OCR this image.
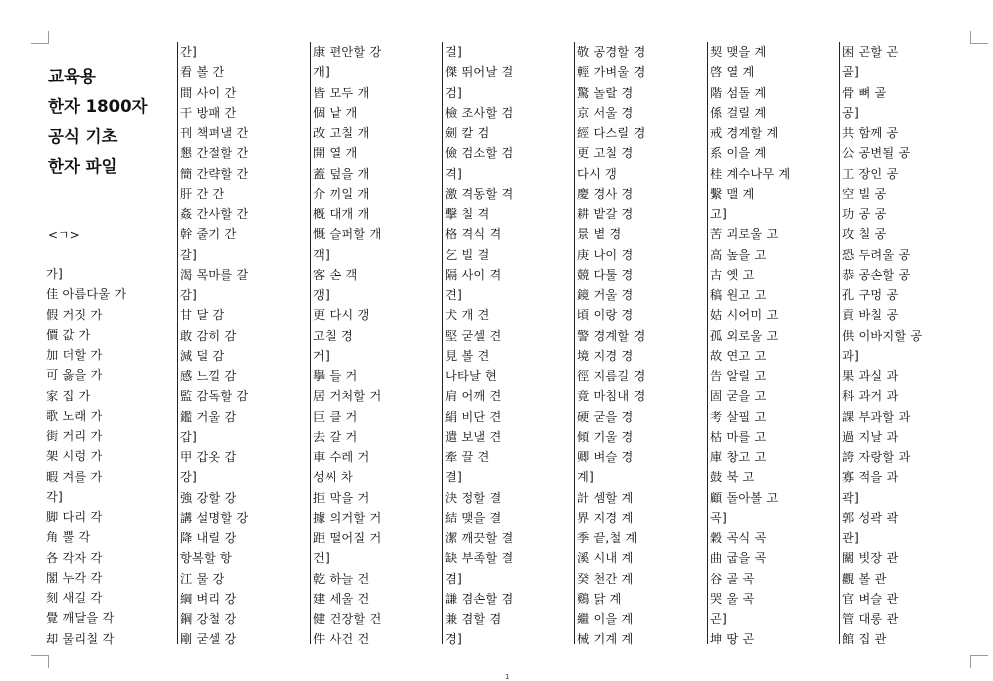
교육용
한자 1800자
공식 기초
한자 파일
<ㄱ>
가]
佳 아름다울 가
假 거짓 가
價 값 가
加 더할 가
可 옳을 가
家 집 가
歌 노래 가
街 거리 가
架 시렁 가
暇 겨를 가
각]
脚 다리 각
角 뿔 각
各 각자 각
閣 누각 각
刻 새길 각
覺 깨달을 각
却 물리칠 각
간]
看 볼 간
間 사이 간
干 방패 간
刊 책펴낼 간
懇 간절할 간
簡 간략할 간
肝 간 간
姦 간사할 간
幹 줄기 간
갈]
渴 목마를 갈
감]
甘 달 감
敢 감히 감
減 덜 감
感 느낄 감
監 감독할 감
鑑 거울 감
갑]
甲 갑옷 갑
강]
強 강할 강
講 설명할 강
降 내릴 강
항복할 항
江 물 강
綱 벼리 강
鋼 강철 강
剛 굳셀 강
康 편안할 강
개]
皆 모두 개
個 낱 개
改 고칠 개
開 열 개
蓋 덮을 개
介 끼일 개
槪 대개 개
慨 슬퍼할 개
객]
客 손 객
갱]
更 다시 갱
고칠 경
거]
擧 들 거
居 거처할 거
巨 클 거
去 갈 거
車 수레 거
성씨 차
拒 막을 거
據 의거할 거
距 떨어질 거
건]
乾 하늘 건
建 세울 건
健 건장할 건
件 사건 건
걸]
傑 뛰어날 걸
검]
檢 조사할 검
劍 칼 검
儉 검소할 검
격]
激 격동할 격
擊 칠 격
格 격식 격
乞 빌 걸
隔 사이 격
견]
犬 개 견
堅 굳셀 견
見 볼 견
나타날 현
肩 어깨 견
絹 비단 견
遣 보낼 견
牽 끌 견
결]
決 정할 결
結 맺을 결
潔 깨끗할 결
缺 부족할 결
겸]
謙 겸손할 겸
兼 겸할 겸
경]
敬 공경할 경
輕 가벼울 경
驚 놀랄 경
京 서울 경
經 다스릴 경
更 고칠 경
다시 갱
慶 경사 경
耕 밭갈 경
景 볕 경
庚 나이 경
競 다툴 경
鏡 거울 경
頃 이랑 경
警 경계할 경
境 지경 경
徑 지름길 경
竟 마침내 경
硬 굳을 경
傾 기울 경
卿 벼슬 경
계]
計 셈할 계
界 지경 계
季 끝,철 계
溪 시내 계
癸 천간 계
鷄 닭 계
繼 이을 계
械 기계 계
契 맺을 계
啓 열 계
階 섬돌 계
係 걸릴 계
戒 경계할 계
系 이을 계
桂 계수나무 계
繫 맬 계
고]
苦 괴로울 고
高 높을 고
古 옛 고
稿 원고 고
姑 시어미 고
孤 외로울 고
故 연고 고
告 알릴 고
固 굳을 고
考 살필 고
枯 마를 고
庫 창고 고
鼓 북 고
顧 돌아볼 고
곡]
穀 곡식 곡
曲 굽을 곡
谷 골 곡
哭 울 곡
곤]
坤 땅 곤
困 곤할 곤
골]
骨 뼈 골
공]
共 함께 공
公 공변될 공
工 장인 공
空 빌 공
功 공 공
攻 칠 공
恐 두려울 공
恭 공손할 공
孔 구멍 공
貢 바칠 공
供 이바지할 공
과]
果 과실 과
科 과거 과
課 부과할 과
過 지날 과
誇 자랑할 과
寡 적을 과
곽]
郭 성곽 곽
관]
關 빗장 관
觀 볼 관
官 벼슬 관
管 대롱 관
館 집 관
1
